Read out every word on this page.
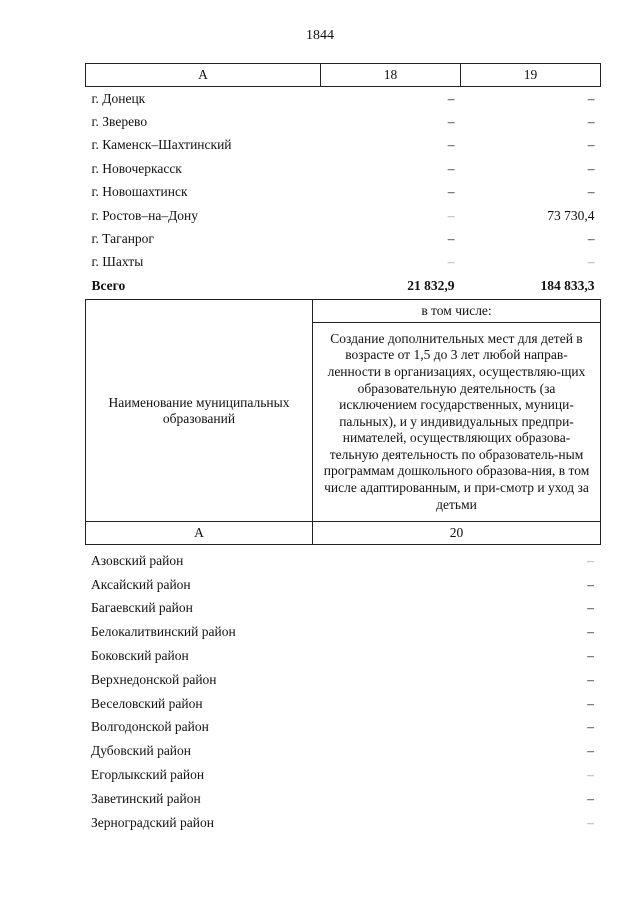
1844
А	18	19
г. Донецк	–	–
г. Зверево	–	–
г. Каменск–Шахтинский	–	–
г. Новочеркасск	–	–
г. Новошахтинск	–	–
г. Ростов–на–Дону	–	73 730,4
г. Таганрог	–	–
г. Шахты	–	–
Всего	21 832,9	184 833,3
Наименование муниципальных образований	в том числе:
	Создание дополнительных мест для детей в возрасте от 1,5 до 3 лет любой направ-ленности в организациях, осуществляю-щих образовательную деятельность (за исключением государственных, муници-пальных), и у индивидуальных предпри-нимателей, осуществляющих образова-тельную деятельность по образователь-ным программам дошкольного образова-ния, в том числе адаптированным, и при-смотр и уход за детьми
А	20
Азовский район	–
Аксайский район	–
Багаевский район	–
Белокалитвинский район	–
Боковский район	–
Верхнедонской район	–
Веселовский район	–
Волгодонской район	–
Дубовский район	–
Егорлыкский район	–
Заветинский район	–
Зерноградский район	–
